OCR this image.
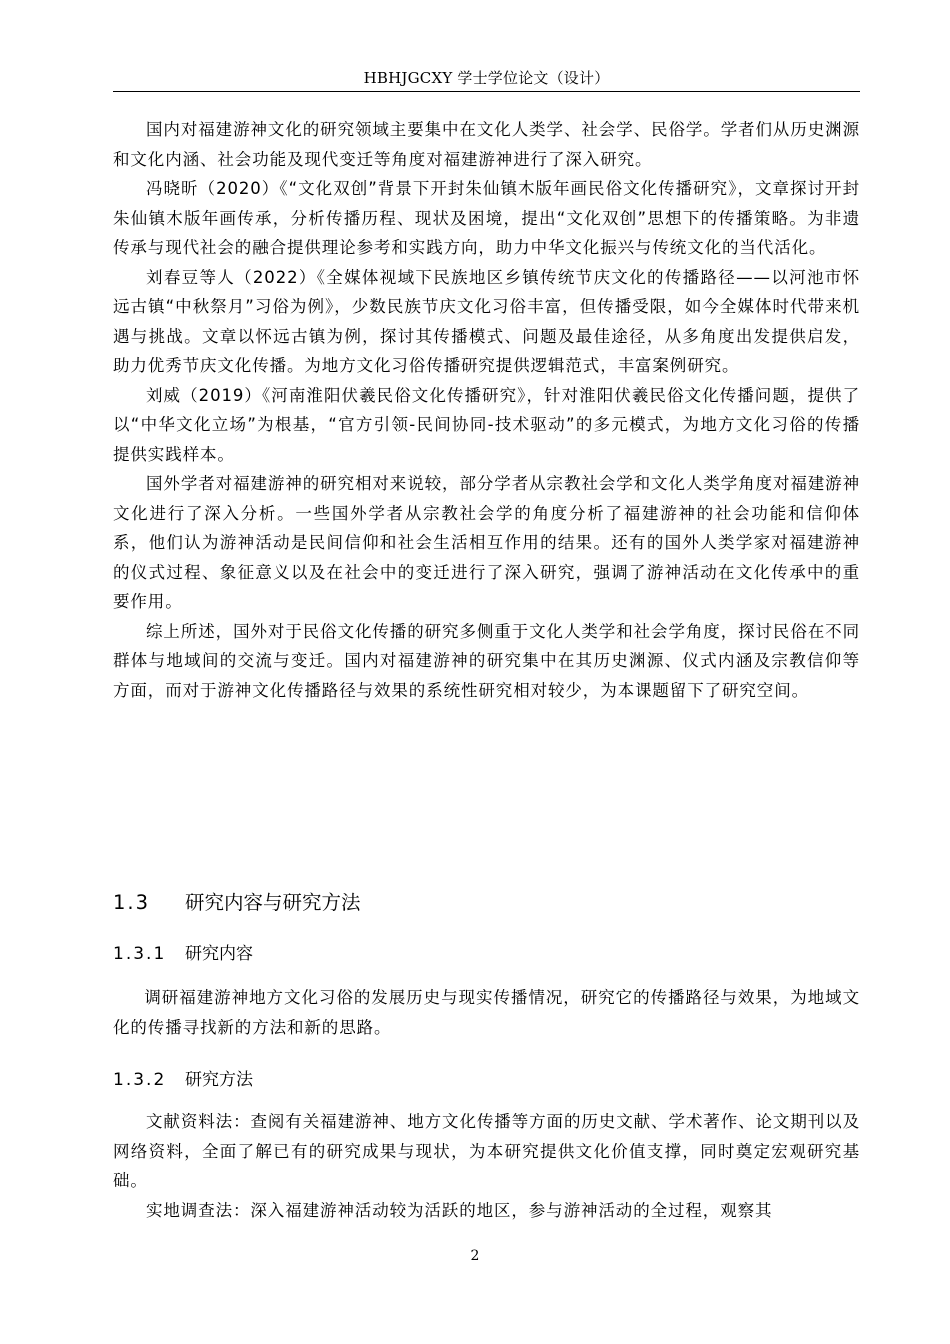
HBHJGCXY 学士学位论文（设计）

国内对福建游神文化的研究领域主要集中在文化人类学、社会学、民俗学。学者们从历史渊源和文化内涵、社会功能及现代变迁等角度对福建游神进行了深入研究。

冯晓昕（2020）《“文化双创”背景下开封朱仙镇木版年画民俗文化传播研究》，文章探讨开封朱仙镇木版年画传承，分析传播历程、现状及困境，提出“文化双创”思想下的传播策略。为非遗传承与现代社会的融合提供理论参考和实践方向，助力中华文化振兴与传统文化的当代活化。

刘春豆等人（2022）《全媒体视域下民族地区乡镇传统节庆文化的传播路径——以河池市怀远古镇“中秋祭月”习俗为例》，少数民族节庆文化习俗丰富，但传播受限，如今全媒体时代带来机遇与挑战。文章以怀远古镇为例，探讨其传播模式、问题及最佳途径，从多角度出发提供启发，助力优秀节庆文化传播。为地方文化习俗传播研究提供逻辑范式，丰富案例研究。

刘威（2019）《河南淮阳伏羲民俗文化传播研究》，针对淮阳伏羲民俗文化传播问题，提供了以“中华文化立场”为根基，“官方引领-民间协同-技术驱动”的多元模式，为地方文化习俗的传播提供实践样本。

国外学者对福建游神的研究相对来说较，部分学者从宗教社会学和文化人类学角度对福建游神文化进行了深入分析。一些国外学者从宗教社会学的角度分析了福建游神的社会功能和信仰体系，他们认为游神活动是民间信仰和社会生活相互作用的结果。还有的国外人类学家对福建游神的仪式过程、象征意义以及在社会中的变迁进行了深入研究，强调了游神活动在文化传承中的重要作用。

综上所述，国外对于民俗文化传播的研究多侧重于文化人类学和社会学角度，探讨民俗在不同群体与地域间的交流与变迁。国内对福建游神的研究集中在其历史渊源、仪式内涵及宗教信仰等方面，而对于游神文化传播路径与效果的系统性研究相对较少，为本课题留下了研究空间。

1.3 研究内容与研究方法
1.3.1 研究内容

调研福建游神地方文化习俗的发展历史与现实传播情况，研究它的传播路径与效果，为地域文化的传播寻找新的方法和新的思路。

1.3.2 研究方法

文献资料法：查阅有关福建游神、地方文化传播等方面的历史文献、学术著作、论文期刊以及网络资料，全面了解已有的研究成果与现状，为本研究提供文化价值支撑，同时奠定宏观研究基础。

实地调查法：深入福建游神活动较为活跃的地区，参与游神活动的全过程，观察其

2
